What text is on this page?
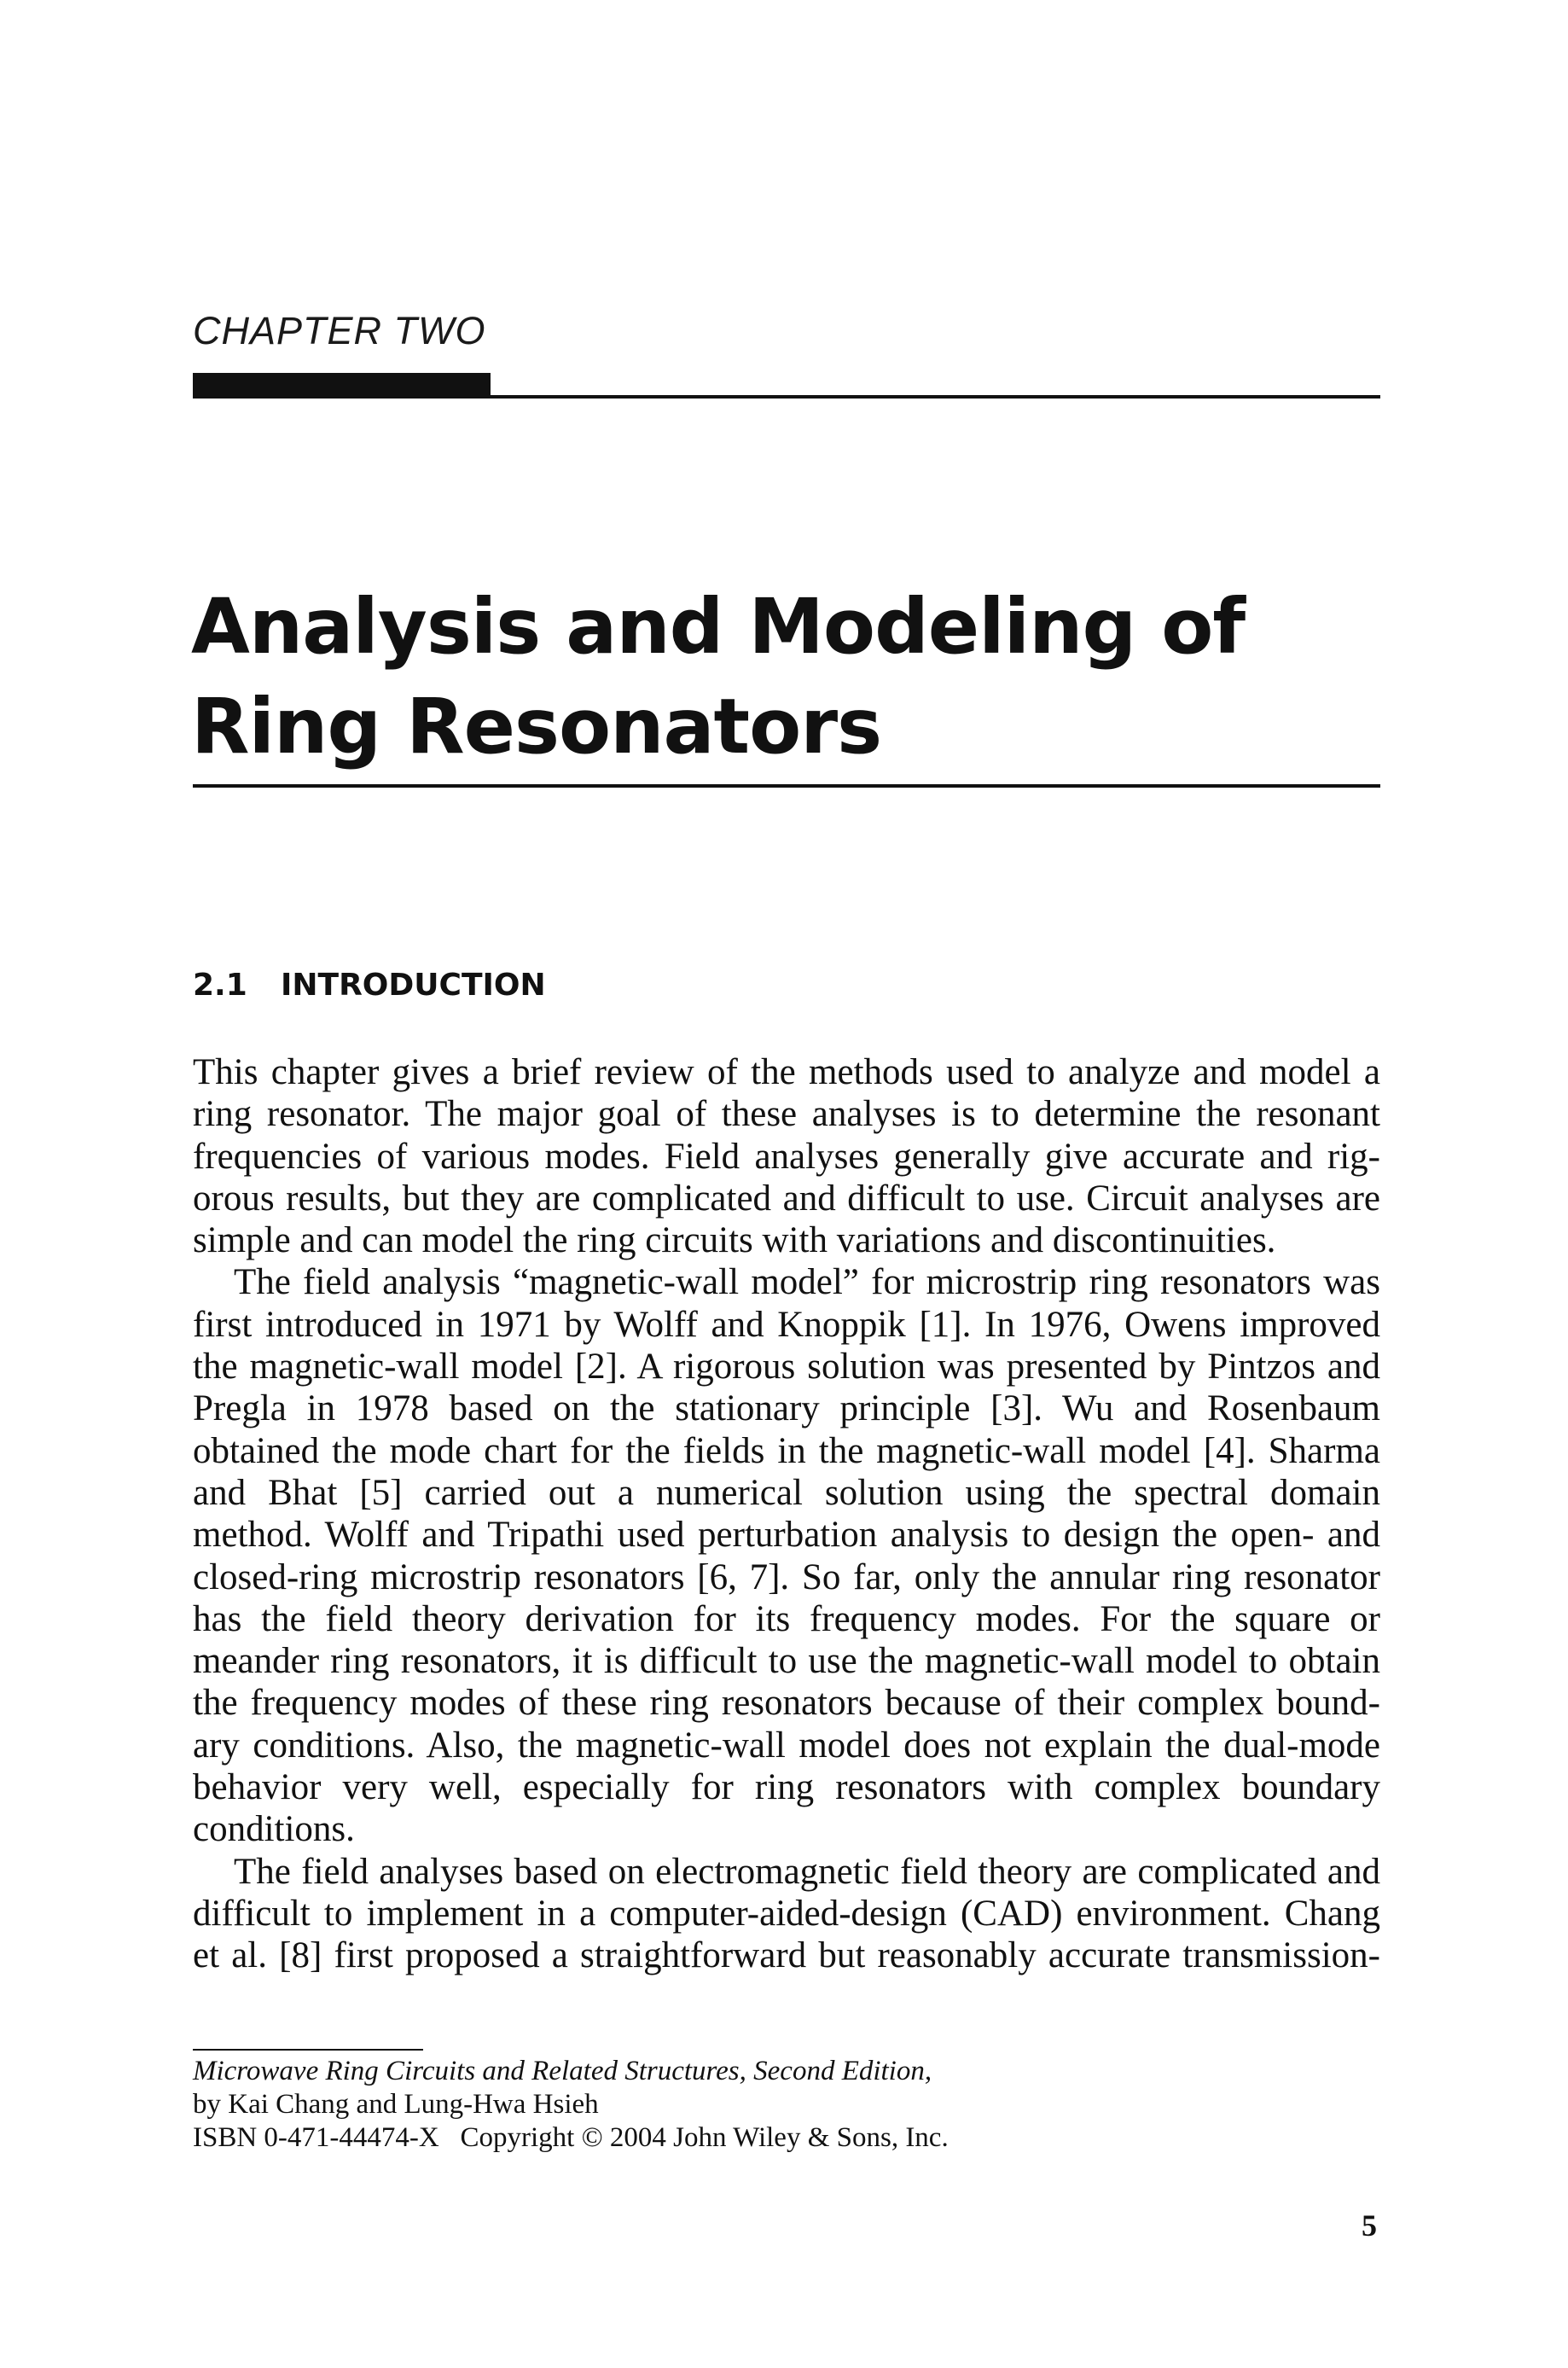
CHAPTER TWO
Analysis and Modeling of
Ring Resonators
2.1 INTRODUCTION

This chapter gives a brief review of the methods used to analyze and model a
ring resonator. The major goal of these analyses is to determine the resonant
frequencies of various modes. Field analyses generally give accurate and rig-
orous results, but they are complicated and difficult to use. Circuit analyses are
simple and can model the ring circuits with variations and discontinuities.

The field analysis “magnetic-wall model” for microstrip ring resonators was
first introduced in 1971 by Wolff and Knoppik [1]. In 1976, Owens improved
the magnetic-wall model [2]. A rigorous solution was presented by Pintzos and
Pregla in 1978 based on the stationary principle [3]. Wu and Rosenbaum
obtained the mode chart for the fields in the magnetic-wall model [4]. Sharma
and Bhat [5] carried out a numerical solution using the spectral domain
method. Wolff and Tripathi used perturbation analysis to design the open- and
closed-ring microstrip resonators [6, 7]. So far, only the annular ring resonator
has the field theory derivation for its frequency modes. For the square or
meander ring resonators, it is difficult to use the magnetic-wall model to obtain
the frequency modes of these ring resonators because of their complex bound-
ary conditions. Also, the magnetic-wall model does not explain the dual-mode
behavior very well, especially for ring resonators with complex boundary
conditions.

The field analyses based on electromagnetic field theory are complicated and
difficult to implement in a computer-aided-design (CAD) environment. Chang
et al. [8] first proposed a straightforward but reasonably accurate transmission-

Microwave Ring Circuits and Related Structures, Second Edition,
by Kai Chang and Lung-Hwa Hsieh
ISBN 0-471-44474-X Copyright © 2004 John Wiley & Sons, Inc.
5
